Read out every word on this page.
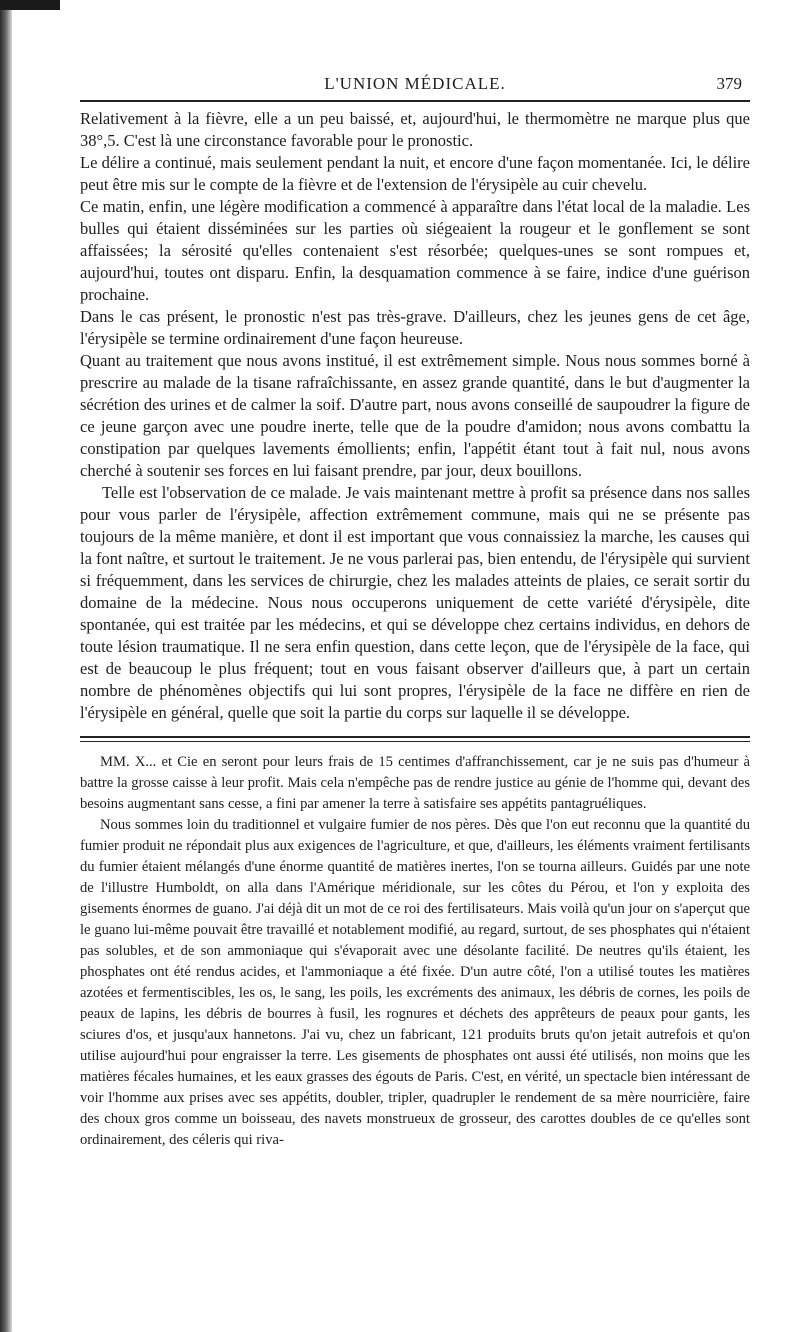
L'UNION MÉDICALE.	379

Relativement à la fièvre, elle a un peu baissé, et, aujourd'hui, le thermomètre ne marque plus que 38°,5. C'est là une circonstance favorable pour le pronostic.

Le délire a continué, mais seulement pendant la nuit, et encore d'une façon momentanée. Ici, le délire peut être mis sur le compte de la fièvre et de l'extension de l'érysipèle au cuir chevelu.

Ce matin, enfin, une légère modification a commencé à apparaître dans l'état local de la maladie. Les bulles qui étaient disséminées sur les parties où siégeaient la rougeur et le gonflement se sont affaissées; la sérosité qu'elles contenaient s'est résorbée; quelques-unes se sont rompues et, aujourd'hui, toutes ont disparu. Enfin, la desquamation commence à se faire, indice d'une guérison prochaine.

Dans le cas présent, le pronostic n'est pas très-grave. D'ailleurs, chez les jeunes gens de cet âge, l'érysipèle se termine ordinairement d'une façon heureuse.

Quant au traitement que nous avons institué, il est extrêmement simple. Nous nous sommes borné à prescrire au malade de la tisane rafraîchissante, en assez grande quantité, dans le but d'augmenter la sécrétion des urines et de calmer la soif. D'autre part, nous avons conseillé de saupoudrer la figure de ce jeune garçon avec une poudre inerte, telle que de la poudre d'amidon; nous avons combattu la constipation par quelques lavements émollients; enfin, l'appétit étant tout à fait nul, nous avons cherché à soutenir ses forces en lui faisant prendre, par jour, deux bouillons.

Telle est l'observation de ce malade. Je vais maintenant mettre à profit sa présence dans nos salles pour vous parler de l'érysipèle, affection extrêmement commune, mais qui ne se présente pas toujours de la même manière, et dont il est important que vous connaissiez la marche, les causes qui la font naître, et surtout le traitement. Je ne vous parlerai pas, bien entendu, de l'érysipèle qui survient si fréquemment, dans les services de chirurgie, chez les malades atteints de plaies, ce serait sortir du domaine de la médecine. Nous nous occuperons uniquement de cette variété d'érysipèle, dite spontanée, qui est traitée par les médecins, et qui se développe chez certains individus, en dehors de toute lésion traumatique. Il ne sera enfin question, dans cette leçon, que de l'érysipèle de la face, qui est de beaucoup le plus fréquent; tout en vous faisant observer d'ailleurs que, à part un certain nombre de phénomènes objectifs qui lui sont propres, l'érysipèle de la face ne diffère en rien de l'érysipèle en général, quelle que soit la partie du corps sur laquelle il se développe.

MM. X... et Cie en seront pour leurs frais de 15 centimes d'affranchissement, car je ne suis pas d'humeur à battre la grosse caisse à leur profit. Mais cela n'empêche pas de rendre justice au génie de l'homme qui, devant des besoins augmentant sans cesse, a fini par amener la terre à satisfaire ses appétits pantagruéliques.

Nous sommes loin du traditionnel et vulgaire fumier de nos pères. Dès que l'on eut reconnu que la quantité du fumier produit ne répondait plus aux exigences de l'agriculture, et que, d'ailleurs, les éléments vraiment fertilisants du fumier étaient mélangés d'une énorme quantité de matières inertes, l'on se tourna ailleurs. Guidés par une note de l'illustre Humboldt, on alla dans l'Amérique méridionale, sur les côtes du Pérou, et l'on y exploita des gisements énormes de guano. J'ai déjà dit un mot de ce roi des fertilisateurs. Mais voilà qu'un jour on s'aperçut que le guano lui-même pouvait être travaillé et notablement modifié, au regard, surtout, de ses phosphates qui n'étaient pas solubles, et de son ammoniaque qui s'évaporait avec une désolante facilité. De neutres qu'ils étaient, les phosphates ont été rendus acides, et l'ammoniaque a été fixée. D'un autre côté, l'on a utilisé toutes les matières azotées et fermentiscibles, les os, le sang, les poils, les excréments des animaux, les débris de cornes, les poils de peaux de lapins, les débris de bourres à fusil, les rognures et déchets des apprêteurs de peaux pour gants, les sciures d'os, et jusqu'aux hannetons. J'ai vu, chez un fabricant, 121 produits bruts qu'on jetait autrefois et qu'on utilise aujourd'hui pour engraisser la terre. Les gisements de phosphates ont aussi été utilisés, non moins que les matières fécales humaines, et les eaux grasses des égouts de Paris. C'est, en vérité, un spectacle bien intéressant de voir l'homme aux prises avec ses appétits, doubler, tripler, quadrupler le rendement de sa mère nourricière, faire des choux gros comme un boisseau, des navets monstrueux de grosseur, des carottes doubles de ce qu'elles sont ordinairement, des céleris qui riva-
